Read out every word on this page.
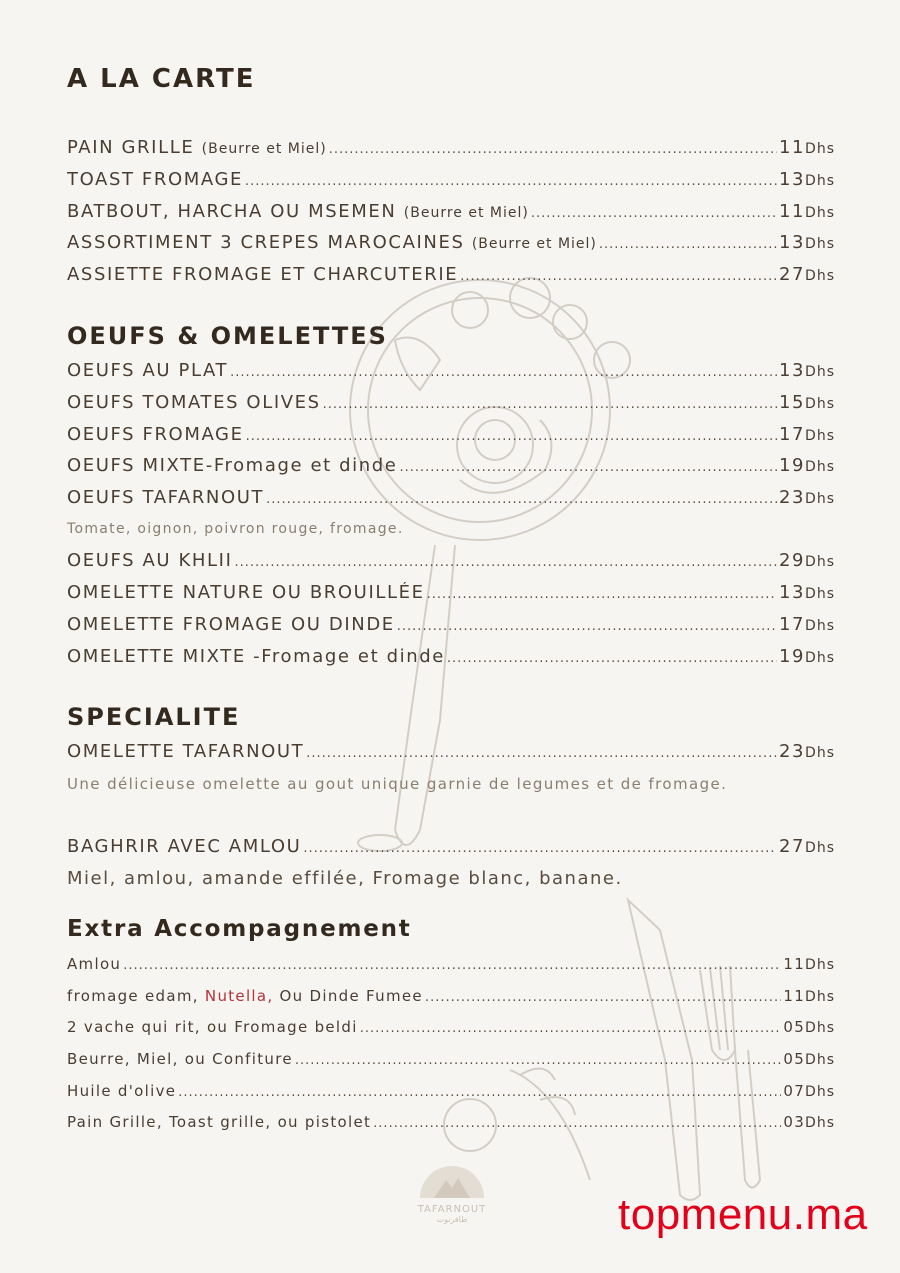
A LA CARTE
PAIN GRILLE (Beurre et Miel) .....	11Dhs
TOAST FROMAGE .....	13Dhs
BATBOUT, HARCHA OU MSEMEN (Beurre et Miel) .....	11Dhs
ASSORTIMENT 3 CREPES MAROCAINES (Beurre et Miel) .....	13Dhs
ASSIETTE FROMAGE ET CHARCUTERIE .....	27Dhs
OEUFS & OMELETTES
OEUFS AU PLAT .....	13Dhs
OEUFS TOMATES OLIVES .....	15Dhs
OEUFS FROMAGE .....	17Dhs
OEUFS MIXTE-Fromage et dinde .....	19Dhs
OEUFS TAFARNOUT .....	23Dhs
Tomate, oignon, poivron rouge, fromage.
OEUFS AU KHLII .....	29Dhs
OMELETTE NATURE OU BROUILLÉE .....	13Dhs
OMELETTE FROMAGE OU DINDE .....	17Dhs
OMELETTE MIXTE -Fromage et dinde .....	19Dhs
SPECIALITE
OMELETTE TAFARNOUT .....	23Dhs
Une délicieuse omelette au gout unique garnie de legumes et de fromage.
BAGHRIR AVEC AMLOU .....	27Dhs
Miel, amlou, amande effilée, Fromage blanc, banane.
Extra Accompagnement
Amlou .....	11Dhs
fromage edam, Nutella, Ou Dinde Fumee .....	11Dhs
2 vache qui rit, ou Fromage beldi .....	05Dhs
Beurre, Miel, ou Confiture .....	05Dhs
Huile d'olive .....	07Dhs
Pain Grille, Toast grille, ou pistolet .....	03Dhs
TAFARNOUT
طافرنوت	topmenu.ma
